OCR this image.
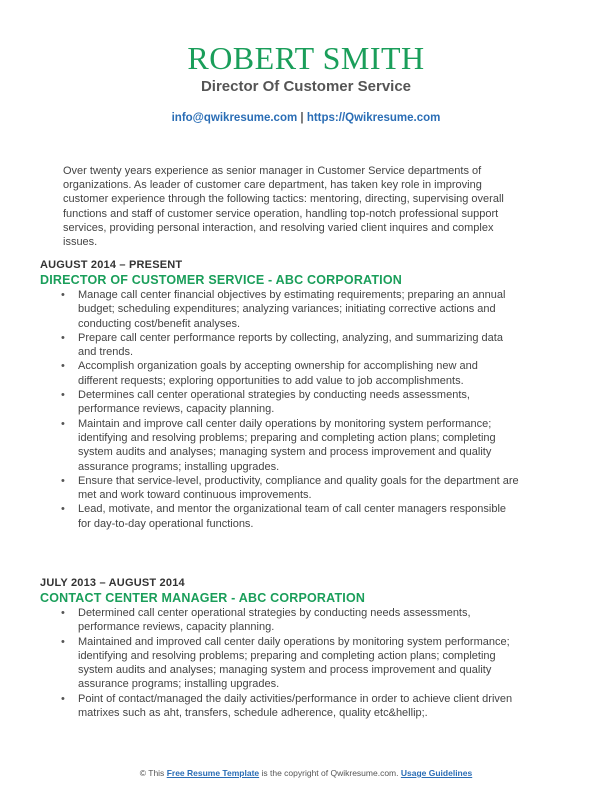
ROBERT SMITH
Director Of Customer Service
info@qwikresume.com | https://Qwikresume.com

Over twenty years experience as senior manager in Customer Service departments of organizations. As leader of customer care department, has taken key role in improving customer experience through the following tactics: mentoring, directing, supervising overall functions and staff of customer service operation, handling top-notch professional support services, providing personal interaction, and resolving varied client inquires and complex issues.

AUGUST 2014 – PRESENT
DIRECTOR OF CUSTOMER SERVICE - ABC CORPORATION
• Manage call center financial objectives by estimating requirements; preparing an annual budget; scheduling expenditures; analyzing variances; initiating corrective actions and conducting cost/benefit analyses.
• Prepare call center performance reports by collecting, analyzing, and summarizing data and trends.
• Accomplish organization goals by accepting ownership for accomplishing new and different requests; exploring opportunities to add value to job accomplishments.
• Determines call center operational strategies by conducting needs assessments, performance reviews, capacity planning.
• Maintain and improve call center daily operations by monitoring system performance; identifying and resolving problems; preparing and completing action plans; completing system audits and analyses; managing system and process improvement and quality assurance programs; installing upgrades.
• Ensure that service-level, productivity, compliance and quality goals for the department are met and work toward continuous improvements.
• Lead, motivate, and mentor the organizational team of call center managers responsible for day-to-day operational functions.
JULY 2013 – AUGUST 2014
CONTACT CENTER MANAGER - ABC CORPORATION
• Determined call center operational strategies by conducting needs assessments, performance reviews, capacity planning.
• Maintained and improved call center daily operations by monitoring system performance; identifying and resolving problems; preparing and completing action plans; completing system audits and analyses; managing system and process improvement and quality assurance programs; installing upgrades.
• Point of contact/managed the daily activities/performance in order to achieve client driven matrixes such as aht, transfers, schedule adherence, quality etc&hellip;.
© This Free Resume Template is the copyright of Qwikresume.com. Usage Guidelines
